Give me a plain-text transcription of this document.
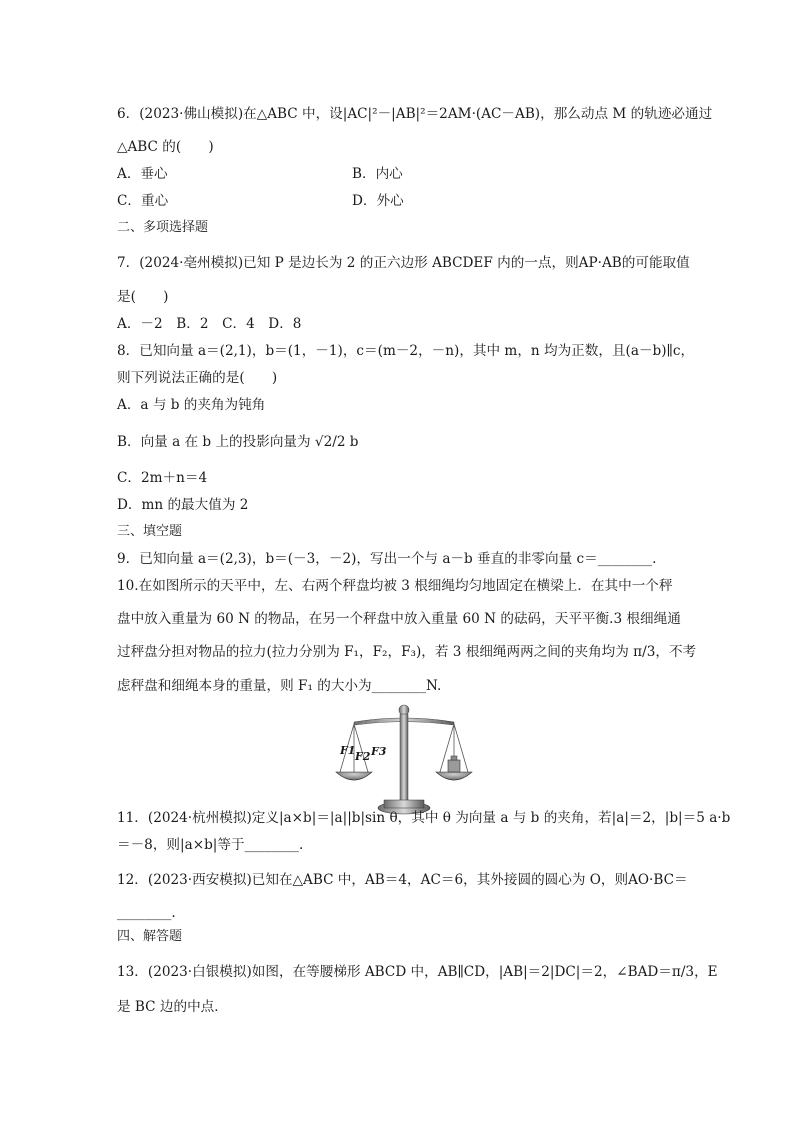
6．(2023·佛山模拟)在△ABC 中，设|AC|²－|AB|²＝2AM·(AC－AB)，那么动点 M 的轨迹必通过
△ABC 的(　　)
A．垂心	B．内心
C．重心	D．外心
二、多项选择题
7．(2024·亳州模拟)已知 P 是边长为 2 的正六边形 ABCDEF 内的一点，则AP·AB的可能取值
是(　　)
A．－2　B．2　C．4　D．8
8．已知向量 a＝(2,1)，b＝(1，－1)，c＝(m－2，－n)，其中 m，n 均为正数，且(a－b)∥c，
则下列说法正确的是(　　)
A．a 与 b 的夹角为钝角
B．向量 a 在 b 上的投影向量为 √2/2 b
C．2m＋n＝4
D．mn 的最大值为 2
三、填空题
9．已知向量 a＝(2,3)，b＝(－3，－2)，写出一个与 a－b 垂直的非零向量 c＝________.
10.在如图所示的天平中，左、右两个秤盘均被 3 根细绳均匀地固定在横梁上．在其中一个秤
盘中放入重量为 60 N 的物品，在另一个秤盘中放入重量 60 N 的砝码，天平平衡.3 根细绳通
过秤盘分担对物品的拉力(拉力分别为 F₁，F₂，F₃)，若 3 根细绳两两之间的夹角均为 π/3，不考
虑秤盘和细绳本身的重量，则 F₁ 的大小为________N.
F1 F2 F3
11．(2024·杭州模拟)定义|a×b|＝|a||b|sin θ，其中 θ 为向量 a 与 b 的夹角，若|a|＝2，|b|＝5 a·b
＝－8，则|a×b|等于________.
12．(2023·西安模拟)已知在△ABC 中，AB＝4，AC＝6，其外接圆的圆心为 O，则AO·BC＝
________.
四、解答题
13．(2023·白银模拟)如图，在等腰梯形 ABCD 中，AB∥CD，|AB|＝2|DC|＝2，∠BAD＝π/3，E
是 BC 边的中点．
